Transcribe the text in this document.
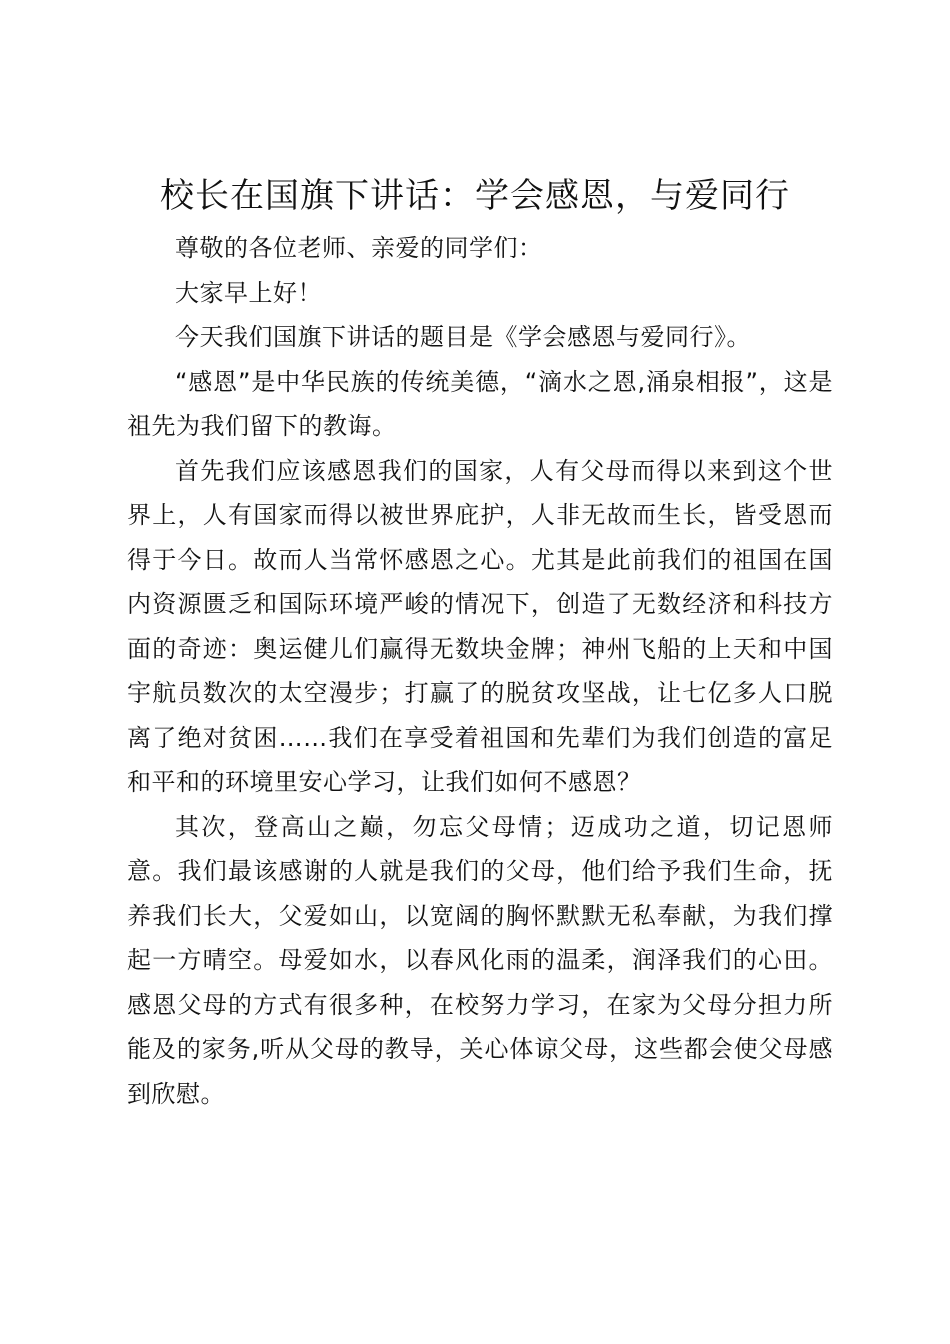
校长在国旗下讲话：学会感恩，与爱同行

尊敬的各位老师、亲爱的同学们：

大家早上好！

今天我们国旗下讲话的题目是《学会感恩与爱同行》。

“感恩”是中华民族的传统美德，“滴水之恩,涌泉相报”，这是祖先为我们留下的教诲。

首先我们应该感恩我们的国家，人有父母而得以来到这个世界上，人有国家而得以被世界庇护，人非无故而生长，皆受恩而得于今日。故而人当常怀感恩之心。尤其是此前我们的祖国在国内资源匮乏和国际环境严峻的情况下，创造了无数经济和科技方面的奇迹：奥运健儿们赢得无数块金牌；神州飞船的上天和中国宇航员数次的太空漫步；打赢了的脱贫攻坚战，让七亿多人口脱离了绝对贫困……我们在享受着祖国和先辈们为我们创造的富足和平和的环境里安心学习，让我们如何不感恩？

其次，登高山之巅，勿忘父母情；迈成功之道，切记恩师意。我们最该感谢的人就是我们的父母，他们给予我们生命，抚养我们长大，父爱如山，以宽阔的胸怀默默无私奉献，为我们撑起一方晴空。母爱如水，以春风化雨的温柔，润泽我们的心田。感恩父母的方式有很多种，在校努力学习，在家为父母分担力所能及的家务,听从父母的教导，关心体谅父母，这些都会使父母感到欣慰。
